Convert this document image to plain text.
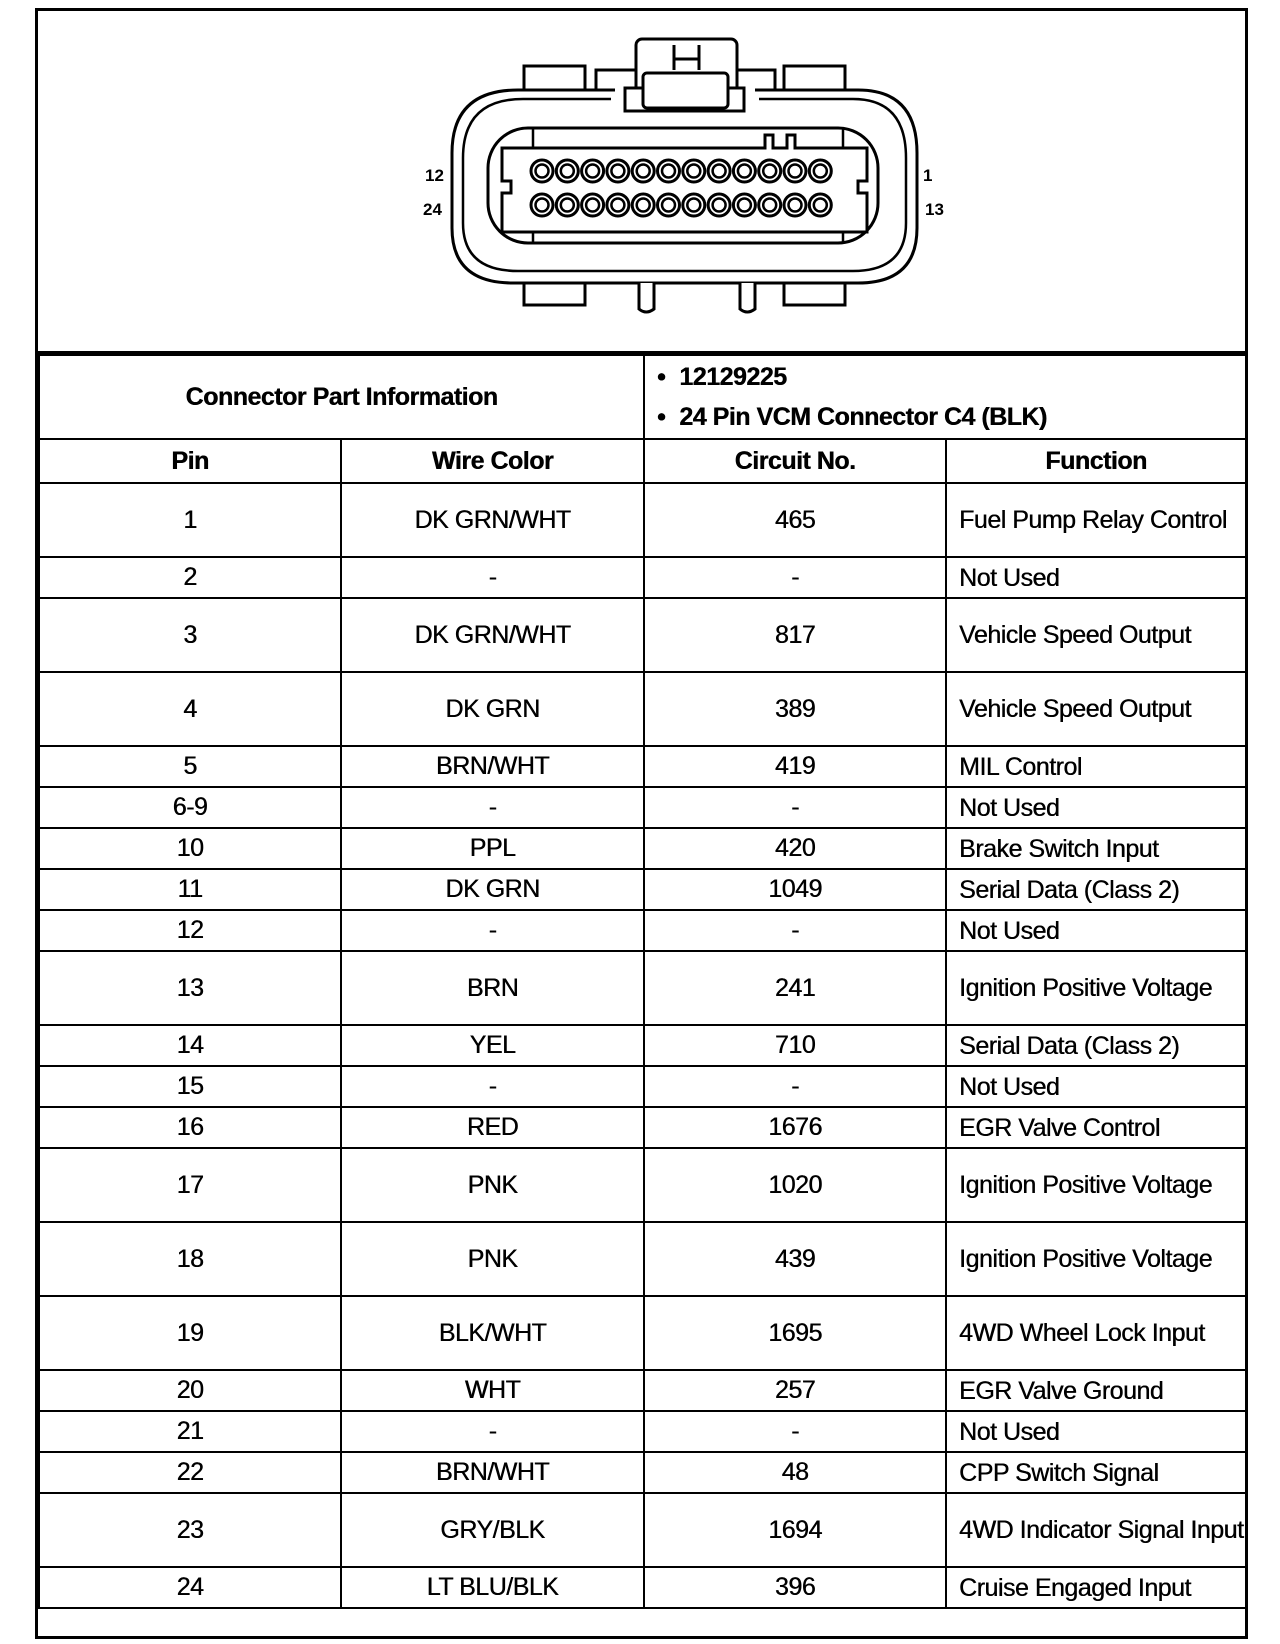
12
24
1
13
Connector Part Information		• 12129225
• 24 Pin VCM Connector C4 (BLK)

Pin	Wire Color	Circuit No.	Function
1	DK GRN/WHT	465	Fuel Pump Relay Control
2	-	-	Not Used
3	DK GRN/WHT	817	Vehicle Speed Output
4	DK GRN	389	Vehicle Speed Output
5	BRN/WHT	419	MIL Control
6-9	-	-	Not Used
10	PPL	420	Brake Switch Input
11	DK GRN	1049	Serial Data (Class 2)
12	-	-	Not Used
13	BRN	241	Ignition Positive Voltage
14	YEL	710	Serial Data (Class 2)
15	-	-	Not Used
16	RED	1676	EGR Valve Control
17	PNK	1020	Ignition Positive Voltage
18	PNK	439	Ignition Positive Voltage
19	BLK/WHT	1695	4WD Wheel Lock Input
20	WHT	257	EGR Valve Ground
21	-	-	Not Used
22	BRN/WHT	48	CPP Switch Signal
23	GRY/BLK	1694	4WD Indicator Signal Input
24	LT BLU/BLK	396	Cruise Engaged Input
